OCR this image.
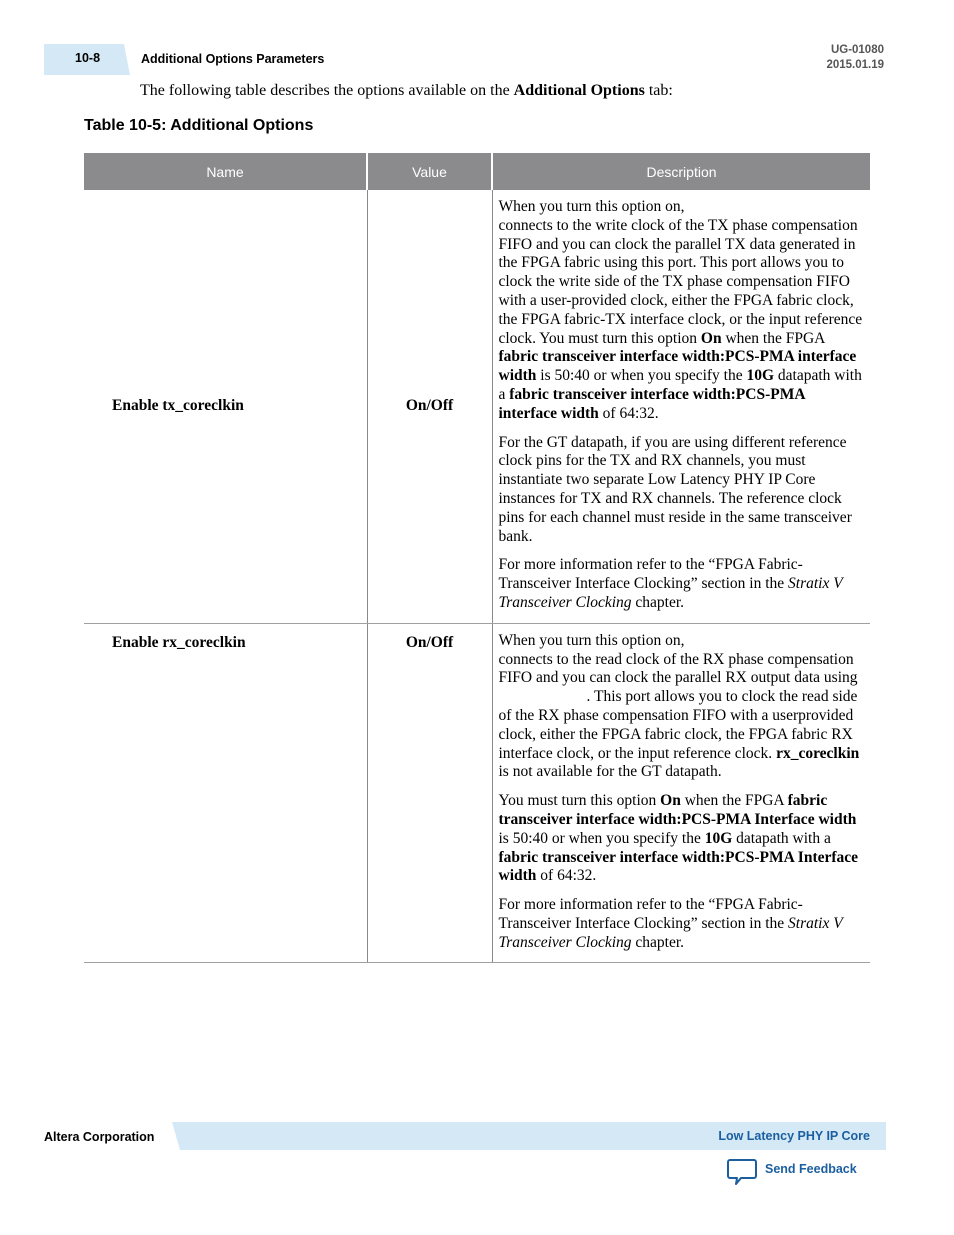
10-8	Additional Options Parameters
UG-01080
2015.01.19
The following table describes the options available on the Additional Options tab:
Table 10-5: Additional Options
Name	Value	Description
Enable tx_coreclkin	On/Off	When you turn this option on,
connects to the write clock of the TX phase compensation FIFO and you can clock the parallel TX data generated in the FPGA fabric using this port. This port allows you to clock the write side of the TX phase compensation FIFO with a user-provided clock, either the FPGA fabric clock, the FPGA fabric-TX interface clock, or the input reference clock. You must turn this option On when the FPGA fabric transceiver interface width:PCS-PMA interface width is 50:40 or when you specify the 10G datapath with a fabric transceiver interface width:PCS-PMA interface width of 64:32.

For the GT datapath, if you are using different reference clock pins for the TX and RX channels, you must instantiate two separate Low Latency PHY IP Core instances for TX and RX channels. The reference clock pins for each channel must reside in the same transceiver bank.

For more information refer to the “FPGA Fabric-Transceiver Interface Clocking” section in the Stratix V Transceiver Clocking chapter.

Enable rx_coreclkin	On/Off	When you turn this option on,
connects to the read clock of the RX phase compensation FIFO and you can clock the parallel RX output data using. This port allows you to clock the read side of the RX phase compensation FIFO with a userprovided clock, either the FPGA fabric clock, the FPGA fabric RX interface clock, or the input reference clock. rx_coreclkin is not available for the GT datapath.

You must turn this option On when the FPGA fabric transceiver interface width:PCS-PMA Interface width is 50:40 or when you specify the 10G datapath with a fabric transceiver interface width:PCS-PMA Interface width of 64:32.

For more information refer to the “FPGA Fabric-Transceiver Interface Clocking” section in the Stratix V Transceiver Clocking chapter.

Altera Corporation	Low Latency PHY IP Core
Send Feedback
